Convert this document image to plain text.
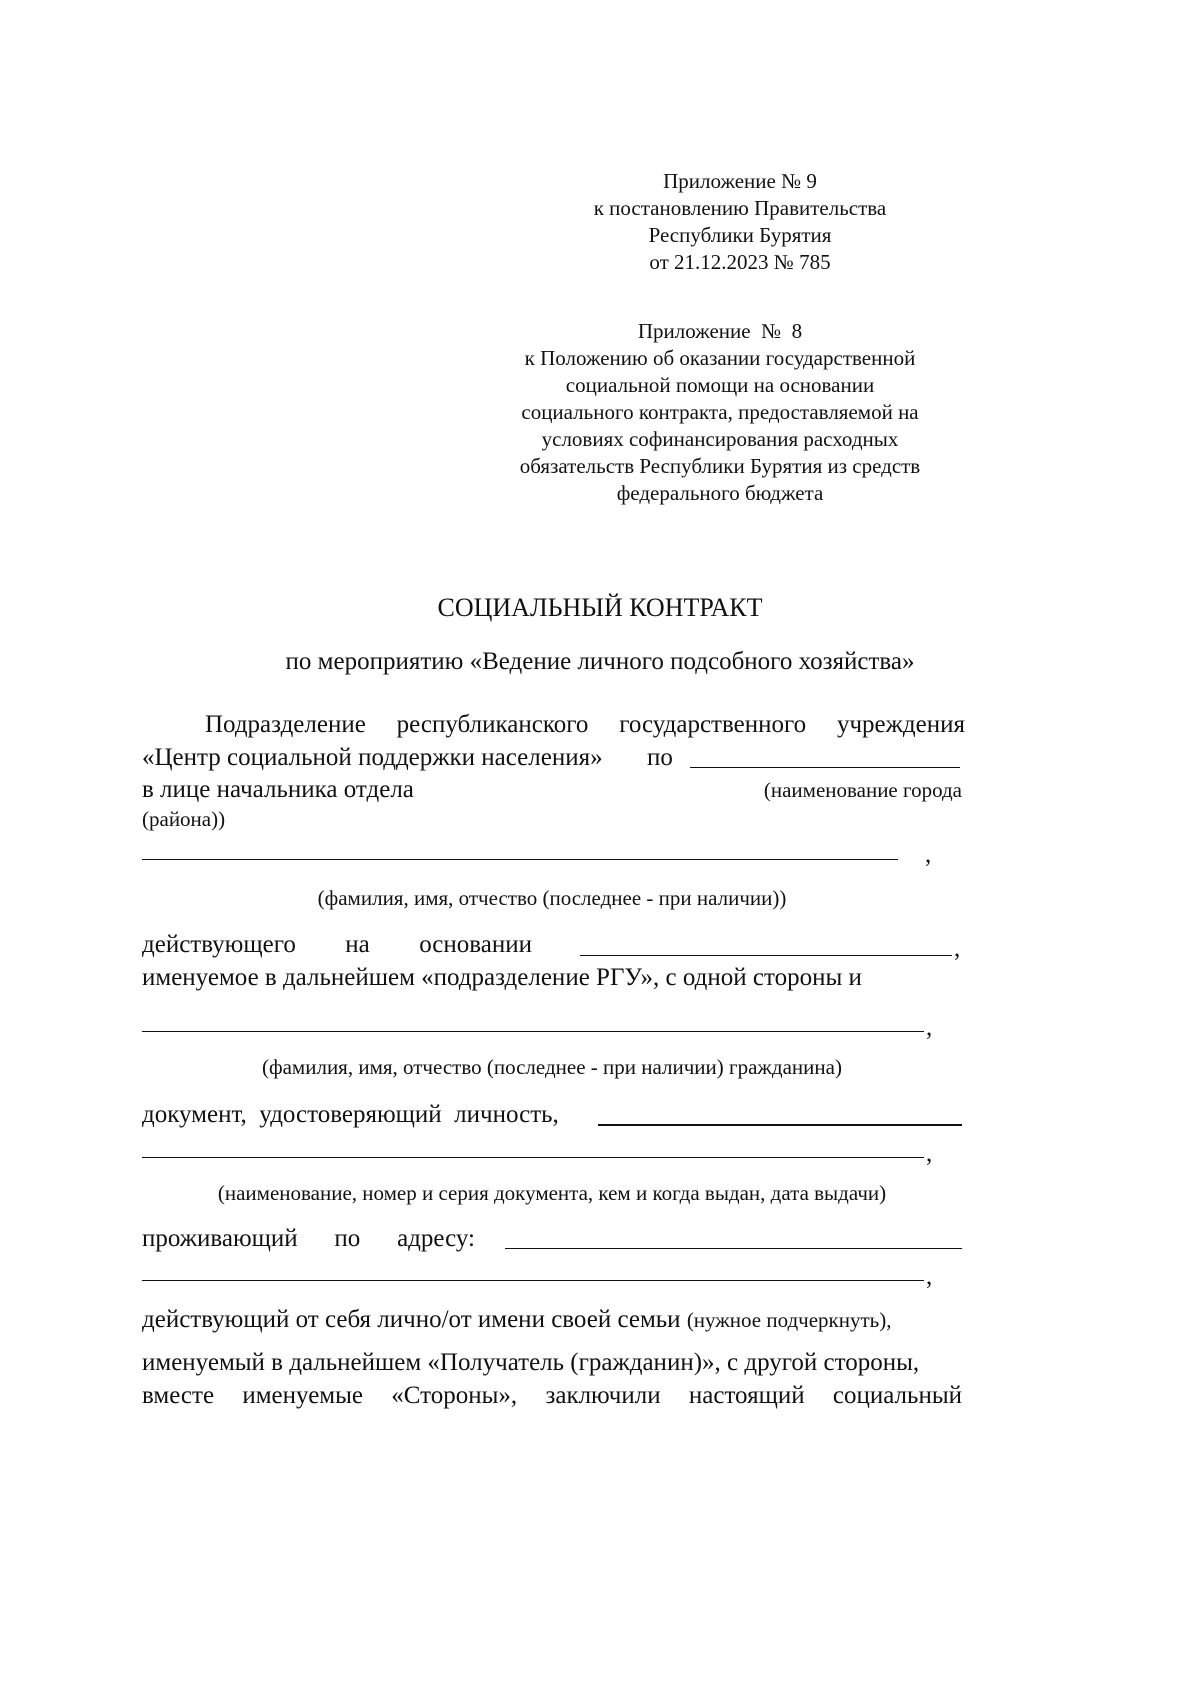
Приложение № 9
к постановлению Правительства
Республики Бурятия
от 21.12.2023 № 785
Приложение  №  8
к Положению об оказании государственной
социальной помощи на основании
социального контракта, предоставляемой на
условиях софинансирования расходных
обязательств Республики Бурятия из средств
федерального бюджета
СОЦИАЛЬНЫЙ КОНТРАКТ
по мероприятию «Ведение личного подсобного хозяйства»
Подразделение республиканского государственного учреждения
«Центр социальной поддержки населения» по
в лице начальника отдела	(наименование города
(района))
,
(фамилия, имя, отчество (последнее - при наличии))
действующего на основании	,
именуемое в дальнейшем «подразделение РГУ», с одной стороны и
,
(фамилия, имя, отчество (последнее - при наличии) гражданина)
документ,  удостоверяющий  личность,
,
(наименование, номер и серия документа, кем и когда выдан, дата выдачи)
проживающий по адресу:
,
действующий от себя лично/от имени своей семьи (нужное подчеркнуть),
именуемый в дальнейшем «Получатель (гражданин)», с другой стороны,
вместе именуемые «Стороны», заключили настоящий социальный
